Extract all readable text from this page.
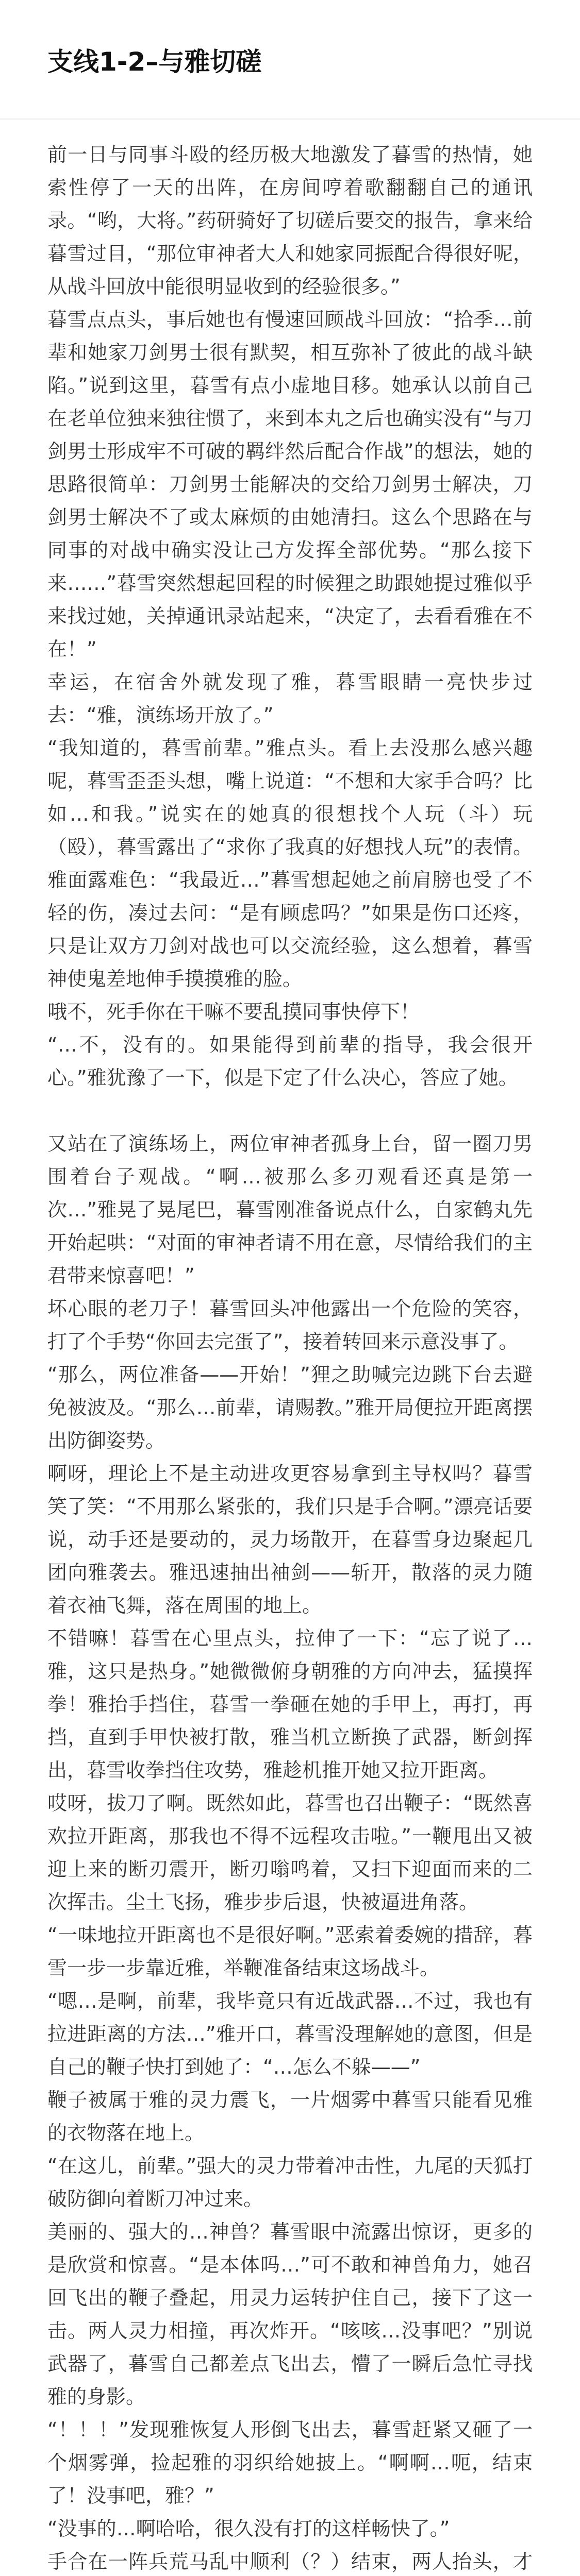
支线1-2–与雅切磋

前一日与同事斗殴的经历极大地激发了暮雪的热情，她索性停了一天的出阵，在房间哼着歌翻翻自己的通讯录。“哟，大将。”药研骑好了切磋后要交的报告，拿来给暮雪过目，“那位审神者大人和她家同振配合得很好呢，从战斗回放中能很明显收到的经验很多。”

暮雪点点头，事后她也有慢速回顾战斗回放：“拾季…前辈和她家刀剑男士很有默契，相互弥补了彼此的战斗缺陷。”说到这里，暮雪有点小虚地目移。她承认以前自己在老单位独来独往惯了，来到本丸之后也确实没有“与刀剑男士形成牢不可破的羁绊然后配合作战”的想法，她的思路很简单：刀剑男士能解决的交给刀剑男士解决，刀剑男士解决不了或太麻烦的由她清扫。这么个思路在与同事的对战中确实没让己方发挥全部优势。“那么接下来……”暮雪突然想起回程的时候狸之助跟她提过雅似乎来找过她，关掉通讯录站起来，“决定了，去看看雅在不在！”

幸运，在宿舍外就发现了雅，暮雪眼睛一亮快步过去：“雅，演练场开放了。”

“我知道的，暮雪前辈。”雅点头。看上去没那么感兴趣呢，暮雪歪歪头想，嘴上说道：“不想和大家手合吗？比如…和我。”说实在的她真的很想找个人玩（斗）玩（殴），暮雪露出了“求你了我真的好想找人玩”的表情。雅面露难色：“我最近…”暮雪想起她之前肩膀也受了不轻的伤，凑过去问：“是有顾虑吗？”如果是伤口还疼，只是让双方刀剑对战也可以交流经验，这么想着，暮雪神使鬼差地伸手摸摸雅的脸。

哦不，死手你在干嘛不要乱摸同事快停下！

“…不，没有的。如果能得到前辈的指导，我会很开心。”雅犹豫了一下，似是下定了什么决心，答应了她。

又站在了演练场上，两位审神者孤身上台，留一圈刀男围着台子观战。“啊…被那么多刃观看还真是第一次…”雅晃了晃尾巴，暮雪刚准备说点什么，自家鹤丸先开始起哄：“对面的审神者请不用在意，尽情给我们的主君带来惊喜吧！”

坏心眼的老刀子！暮雪回头冲他露出一个危险的笑容，打了个手势“你回去完蛋了”，接着转回来示意没事了。

“那么，两位准备——开始！”狸之助喊完边跳下台去避免被波及。“那么…前辈，请赐教。”雅开局便拉开距离摆出防御姿势。

啊呀，理论上不是主动进攻更容易拿到主导权吗？暮雪笑了笑：“不用那么紧张的，我们只是手合啊。”漂亮话要说，动手还是要动的，灵力场散开，在暮雪身边聚起几团向雅袭去。雅迅速抽出袖剑——斩开，散落的灵力随着衣袖飞舞，落在周围的地上。

不错嘛！暮雪在心里点头，拉伸了一下：“忘了说了…雅，这只是热身。”她微微俯身朝雅的方向冲去，猛摸挥拳！雅抬手挡住，暮雪一拳砸在她的手甲上，再打，再挡，直到手甲快被打散，雅当机立断换了武器，断剑挥出，暮雪收拳挡住攻势，雅趁机推开她又拉开距离。

哎呀，拔刀了啊。既然如此，暮雪也召出鞭子：“既然喜欢拉开距离，那我也不得不远程攻击啦。”一鞭甩出又被迎上来的断刃震开，断刃嗡鸣着，又扫下迎面而来的二次挥击。尘土飞扬，雅步步后退，快被逼进角落。

“一味地拉开距离也不是很好啊。”恶索着委婉的措辞，暮雪一步一步靠近雅，举鞭准备结束这场战斗。

“嗯…是啊，前辈，我毕竟只有近战武器…不过，我也有拉进距离的方法…”雅开口，暮雪没理解她的意图，但是自己的鞭子快打到她了：“…怎么不躲——”

鞭子被属于雅的灵力震飞，一片烟雾中暮雪只能看见雅的衣物落在地上。

“在这儿，前辈。”强大的灵力带着冲击性，九尾的天狐打破防御向着断刀冲过来。

美丽的、强大的…神兽？暮雪眼中流露出惊讶，更多的是欣赏和惊喜。“是本体吗…”可不敢和神兽角力，她召回飞出的鞭子叠起，用灵力运转护住自己，接下了这一击。两人灵力相撞，再次炸开。“咳咳…没事吧？”别说武器了，暮雪自己都差点飞出去，懵了一瞬后急忙寻找雅的身影。

“！！！”发现雅恢复人形倒飞出去，暮雪赶紧又砸了一个烟雾弹，捡起雅的羽织给她披上。“啊啊…呃，结束了！没事吧，雅？”

“没事的…啊哈哈，很久没有打的这样畅快了。”

手合在一阵兵荒马乱中顺利（？）结束，两人抬头，才
